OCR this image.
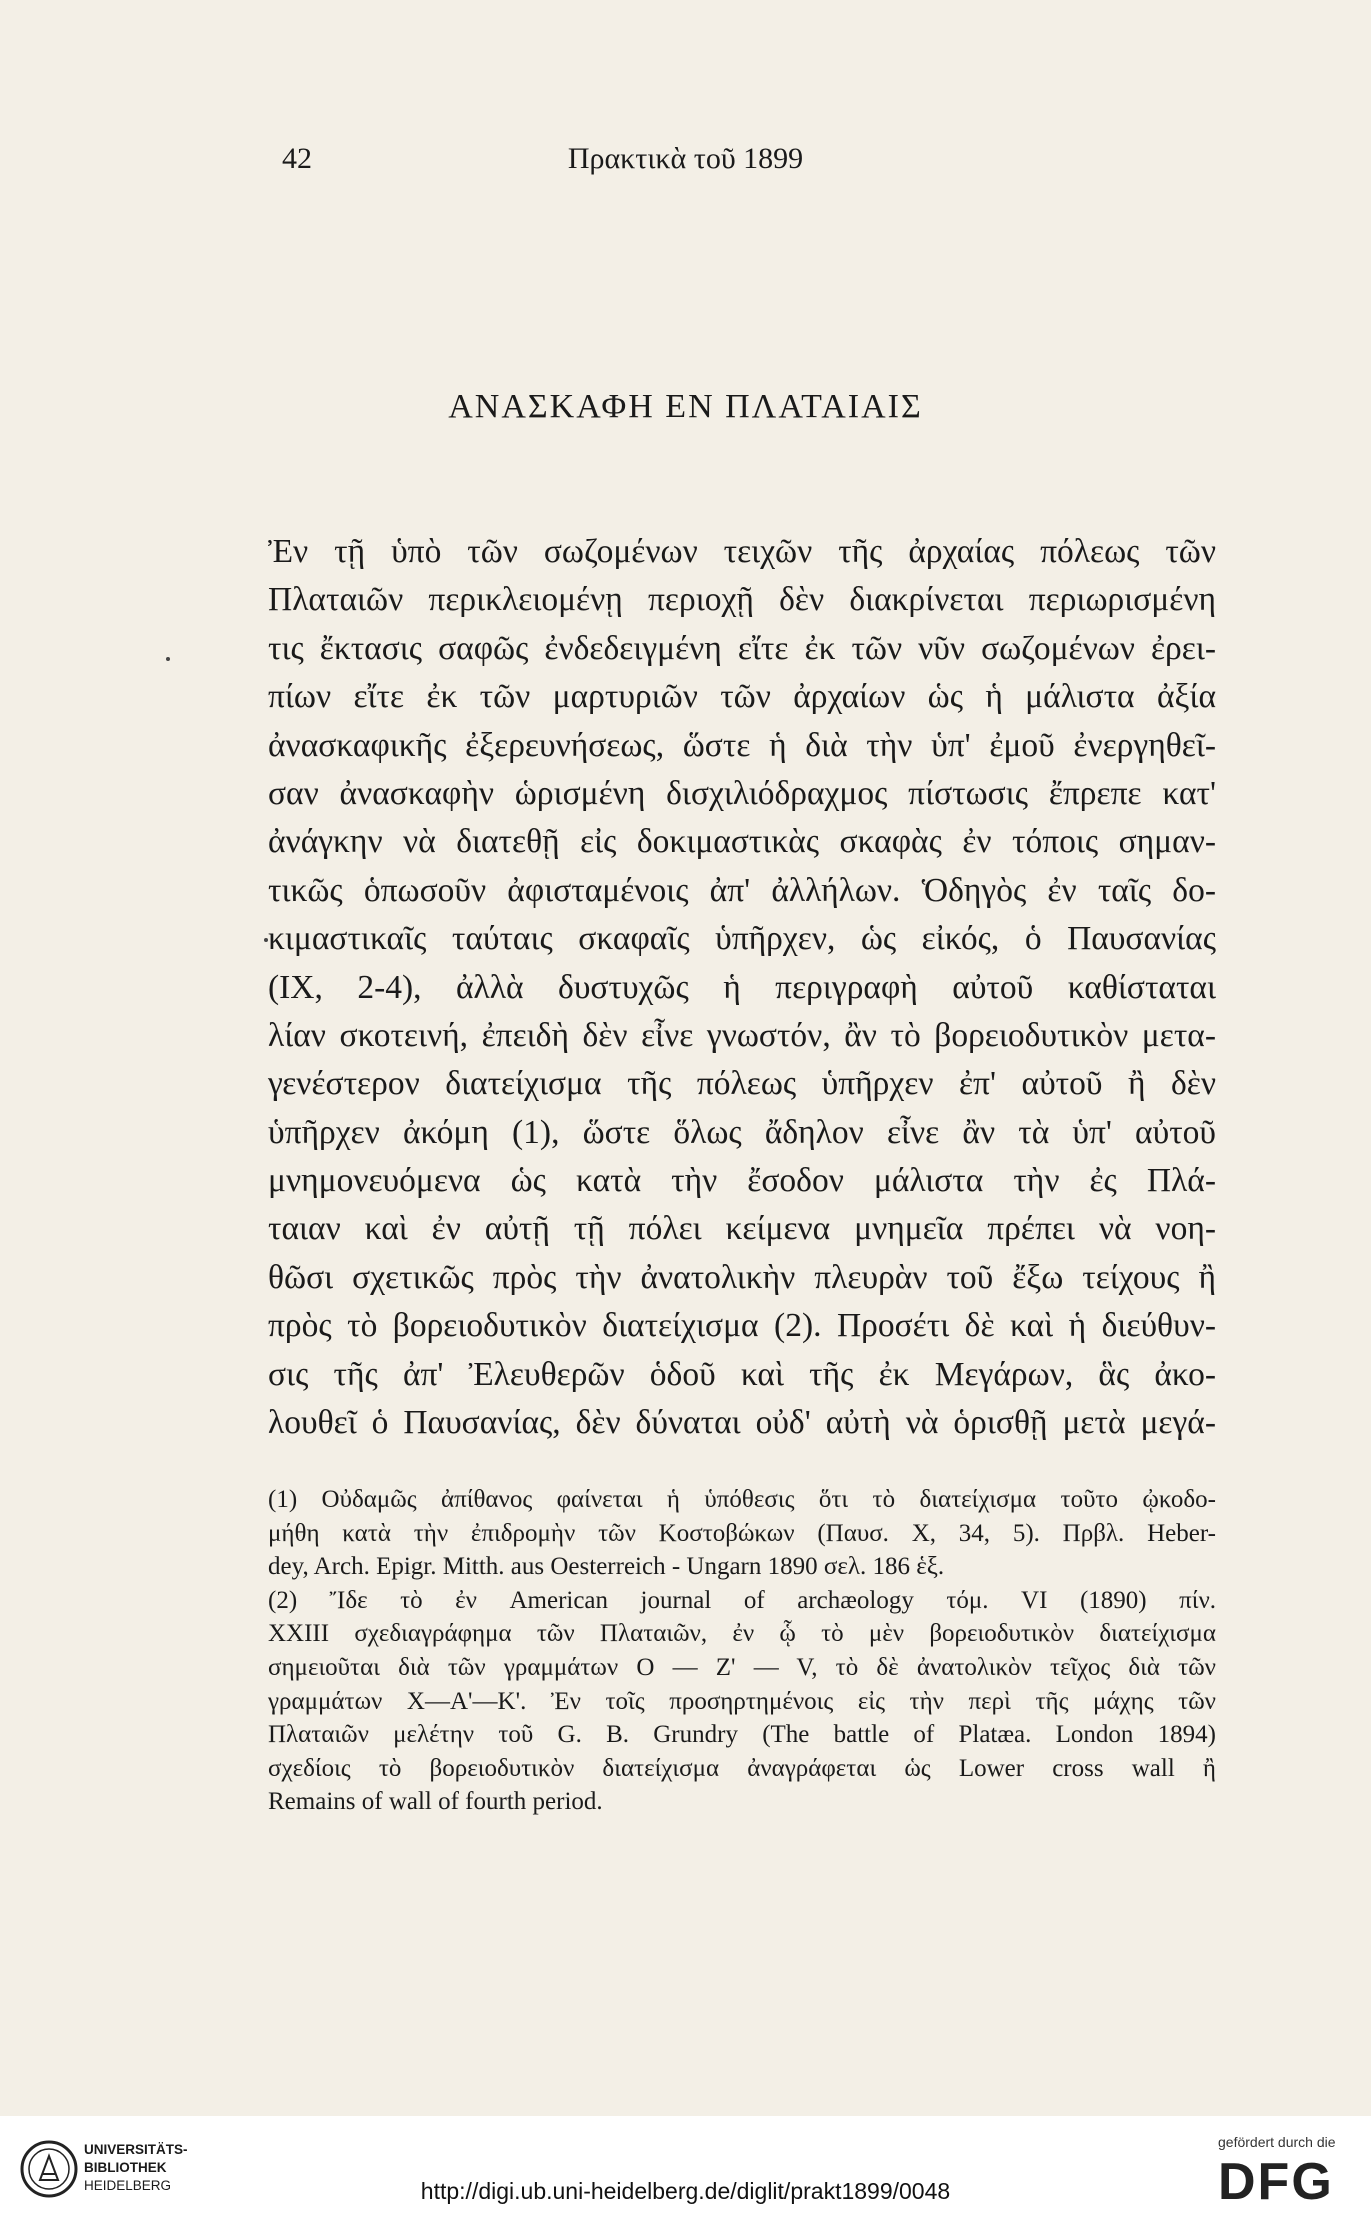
42	Πρακτικὰ τοῦ 1899
ΑΝΑΣΚΑΦΗ ΕΝ ΠΛΑΤΑΙΑΙΣ
Ἐν τῇ ὑπὸ τῶν σωζομένων τειχῶν τῆς ἀρχαίας πόλεως τῶν
Πλαταιῶν περικλειομένῃ περιοχῇ δὲν διακρίνεται περιωρισμένη
τις ἔκτασις σαφῶς ἐνδεδειγμένη εἴτε ἐκ τῶν νῦν σωζομένων ἐρει-
πίων εἴτε ἐκ τῶν μαρτυριῶν τῶν ἀρχαίων ὡς ἡ μάλιστα ἀξία
ἀνασκαφικῆς ἐξερευνήσεως, ὥστε ἡ διὰ τὴν ὑπ' ἐμοῦ ἐνεργηθεῖ-
σαν ἀνασκαφὴν ὡρισμένη δισχιλιόδραχμος πίστωσις ἔπρεπε κατ'
ἀνάγκην νὰ διατεθῇ εἰς δοκιμαστικὰς σκαφὰς ἐν τόποις σημαν-
τικῶς ὁπωσοῦν ἀφισταμένοις ἀπ' ἀλλήλων. Ὁδηγὸς ἐν ταῖς δο-
κιμαστικαῖς ταύταις σκαφαῖς ὑπῆρχεν, ὡς εἰκός, ὁ Παυσανίας
(IX, 2-4), ἀλλὰ δυστυχῶς ἡ περιγραφὴ αὐτοῦ καθίσταται
λίαν σκοτεινή, ἐπειδὴ δὲν εἶνε γνωστόν, ἂν τὸ βορειοδυτικὸν μετα-
γενέστερον διατείχισμα τῆς πόλεως ὑπῆρχεν ἐπ' αὐτοῦ ἢ δὲν
ὑπῆρχεν ἀκόμη (1), ὥστε ὅλως ἄδηλον εἶνε ἂν τὰ ὑπ' αὐτοῦ
μνημονευόμενα ὡς κατὰ τὴν ἔσοδον μάλιστα τὴν ἐς Πλά-
ταιαν καὶ ἐν αὐτῇ τῇ πόλει κείμενα μνημεῖα πρέπει νὰ νοη-
θῶσι σχετικῶς πρὸς τὴν ἀνατολικὴν πλευρὰν τοῦ ἔξω τείχους ἢ
πρὸς τὸ βορειοδυτικὸν διατείχισμα (2). Προσέτι δὲ καὶ ἡ διεύθυν-
σις τῆς ἀπ' Ἐλευθερῶν ὁδοῦ καὶ τῆς ἐκ Μεγάρων, ἃς ἀκο-
λουθεῖ ὁ Παυσανίας, δὲν δύναται οὐδ' αὐτὴ νὰ ὁρισθῇ μετὰ μεγά-
(1) Οὐδαμῶς ἀπίθανος φαίνεται ἡ ὑπόθεσις ὅτι τὸ διατείχισμα τοῦτο ᾠκοδο-
μήθη κατὰ τὴν ἐπιδρομὴν τῶν Κοστοβώκων (Παυσ. X, 34, 5). Πρβλ. Heber-
dey, Arch. Epigr. Mitth. aus Oesterreich - Ungarn 1890 σελ. 186 ἑξ.
(2) Ἴδε τὸ ἐν American journal of archæology τόμ. VI (1890) πίν.
XXIII σχεδιαγράφημα τῶν Πλαταιῶν, ἐν ᾧ τὸ μὲν βορειοδυτικὸν διατείχισμα
σημειοῦται διὰ τῶν γραμμάτων O — Z' — V, τὸ δὲ ἀνατολικὸν τεῖχος διὰ τῶν
γραμμάτων X—A'—K'. Ἐν τοῖς προσηρτημένοις εἰς τὴν περὶ τῆς μάχης τῶν
Πλαταιῶν μελέτην τοῦ G. B. Grundry (The battle of Platæa. London 1894)
σχεδίοις τὸ βορειοδυτικὸν διατείχισμα ἀναγράφεται ὡς Lower cross wall ἢ
Remains of wall of fourth period.
UNIVERSITÄTS-
BIBLIOTHEK
HEIDELBERG	http://digi.ub.uni-heidelberg.de/diglit/prakt1899/0048
gefördert durch die
DFG
